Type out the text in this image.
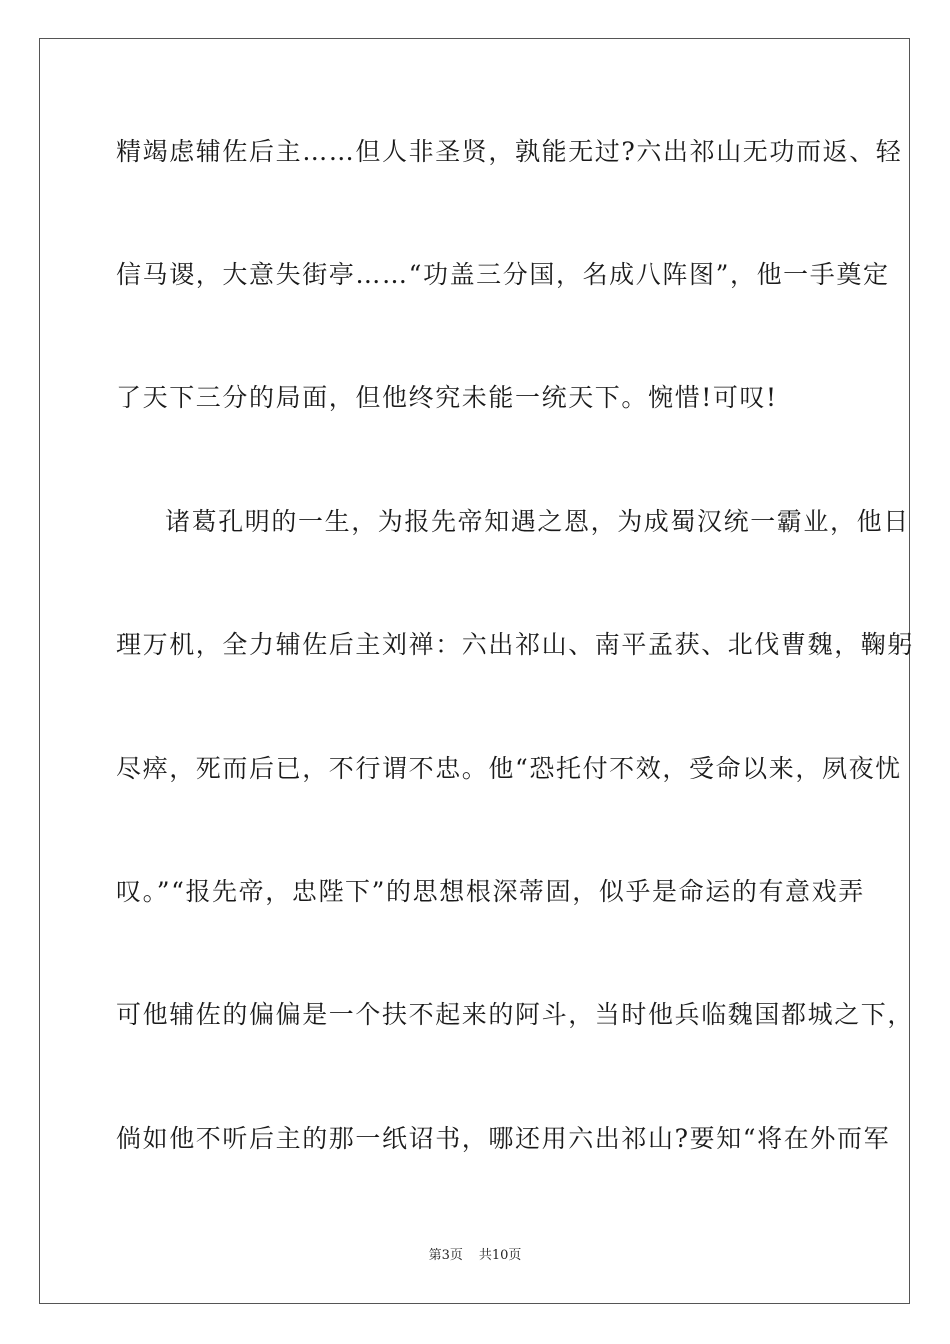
精竭虑辅佐后主……但人非圣贤，孰能无过?六出祁山无功而返、轻
信马谡，大意失街亭……“功盖三分国，名成八阵图”，他一手奠定
了天下三分的局面，但他终究未能一统天下。惋惜!可叹!
诸葛孔明的一生，为报先帝知遇之恩，为成蜀汉统一霸业，他日
理万机，全力辅佐后主刘禅：六出祁山、南平孟获、北伐曹魏，鞠躬
尽瘁，死而后已，不行谓不忠。他“恐托付不效，受命以来，夙夜忧
叹。”“报先帝，忠陛下”的思想根深蒂固，似乎是命运的有意戏弄
可他辅佐的偏偏是一个扶不起来的阿斗，当时他兵临魏国都城之下，
倘如他不听后主的那一纸诏书，哪还用六出祁山?要知“将在外而军
第3页 共10页
